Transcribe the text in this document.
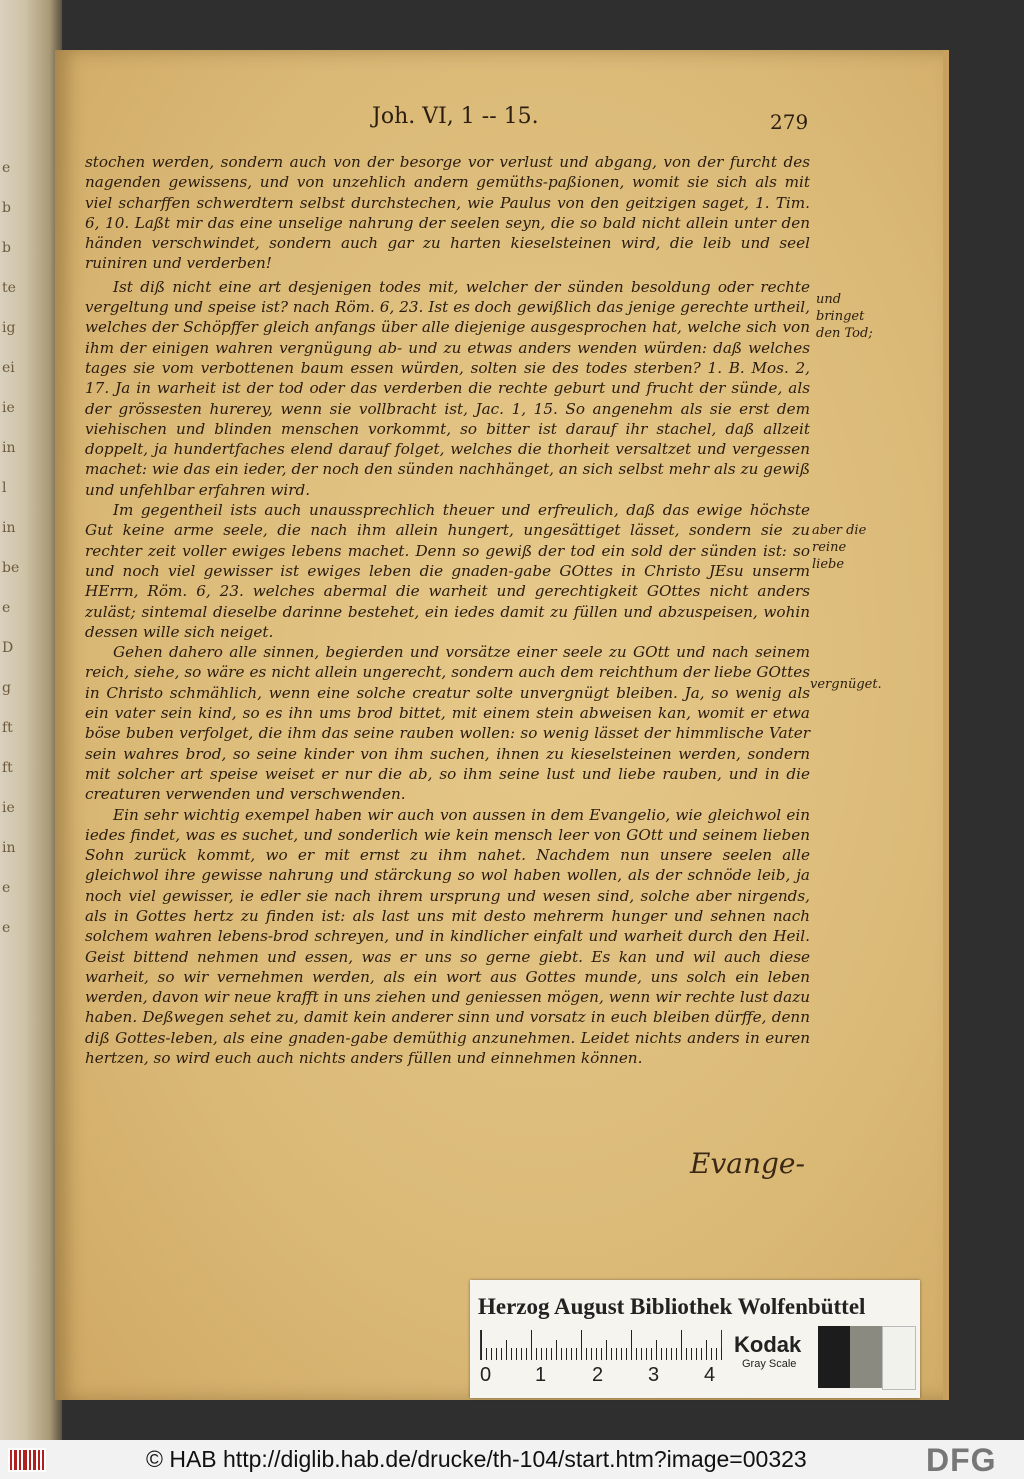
e
b
b
te
ig
ei
ie
in
l
in
be
e
D
g
ft
ft
ie
in
e
e
Joh. VI, 1 -- 15.	279

stochen werden, sondern auch von der besorge vor verlust und abgang, von der furcht des nagenden gewissens, und von unzehlich andern gemüths-paßionen, womit sie sich als mit viel scharffen schwerdtern selbst durchstechen, wie Paulus von den geitzigen saget, 1. Tim. 6, 10. Laßt mir das eine unselige nahrung der seelen seyn, die so bald nicht allein unter den händen verschwindet, sondern auch gar zu harten kieselsteinen wird, die leib und seel ruiniren und verderben!

Ist diß nicht eine art desjenigen todes mit, welcher der sünden besoldung oder rechte vergeltung und speise ist? nach Röm. 6, 23. Ist es doch gewißlich das jenige gerechte urtheil, welches der Schöpffer gleich anfangs über alle diejenige ausgesprochen hat, welche sich von ihm der einigen wahren vergnügung ab- und zu etwas anders wenden würden: daß welches tages sie vom verbottenen baum essen würden, solten sie des todes sterben? 1. B. Mos. 2, 17. Ja in warheit ist der tod oder das verderben die rechte geburt und frucht der sünde, als der grössesten hurerey, wenn sie vollbracht ist, Jac. 1, 15. So angenehm als sie erst dem viehischen und blinden menschen vorkommt, so bitter ist darauf ihr stachel, daß allzeit doppelt, ja hundertfaches elend darauf folget, welches die thorheit versaltzet und vergessen machet: wie das ein ieder, der noch den sünden nachhänget, an sich selbst mehr als zu gewiß und unfehlbar erfahren wird.

Im gegentheil ists auch unaussprechlich theuer und erfreulich, daß das ewige höchste Gut keine arme seele, die nach ihm allein hungert, ungesättiget lässet, sondern sie zu rechter zeit voller ewiges lebens machet. Denn so gewiß der tod ein sold der sünden ist: so und noch viel gewisser ist ewiges leben die gnaden-gabe GOttes in Christo JEsu unserm HErrn, Röm. 6, 23. welches abermal die warheit und gerechtigkeit GOttes nicht anders zuläst; sintemal dieselbe darinne bestehet, ein iedes damit zu füllen und abzuspeisen, wohin dessen wille sich neiget.

Gehen dahero alle sinnen, begierden und vorsätze einer seele zu GOtt und nach seinem reich, siehe, so wäre es nicht allein ungerecht, sondern auch dem reichthum der liebe GOttes in Christo schmählich, wenn eine solche creatur solte unvergnügt bleiben. Ja, so wenig als ein vater sein kind, so es ihn ums brod bittet, mit einem stein abweisen kan, womit er etwa böse buben verfolget, die ihm das seine rauben wollen: so wenig lässet der himmlische Vater sein wahres brod, so seine kinder von ihm suchen, ihnen zu kieselsteinen werden, sondern mit solcher art speise weiset er nur die ab, so ihm seine lust und liebe rauben, und in die creaturen verwenden und verschwenden.

Ein sehr wichtig exempel haben wir auch von aussen in dem Evangelio, wie gleichwol ein iedes findet, was es suchet, und sonderlich wie kein mensch leer von GOtt und seinem lieben Sohn zurück kommt, wo er mit ernst zu ihm nahet. Nachdem nun unsere seelen alle gleichwol ihre gewisse nahrung und stärckung so wol haben wollen, als der schnöde leib, ja noch viel gewisser, ie edler sie nach ihrem ursprung und wesen sind, solche aber nirgends, als in Gottes hertz zu finden ist: als last uns mit desto mehrerm hunger und sehnen nach solchem wahren lebens-brod schreyen, und in kindlicher einfalt und warheit durch den Heil. Geist bittend nehmen und essen, was er uns so gerne giebt. Es kan und wil auch diese warheit, so wir vernehmen werden, als ein wort aus Gottes munde, uns solch ein leben werden, davon wir neue krafft in uns ziehen und geniessen mögen, wenn wir rechte lust dazu haben. Deßwegen sehet zu, damit kein anderer sinn und vorsatz in euch bleiben dürffe, denn diß Gottes-leben, als eine gnaden-gabe demüthig anzunehmen. Leidet nichts anders in euren hertzen, so wird euch auch nichts anders füllen und einnehmen können.

und bringet den Tod;
aber die reine liebe
vergnüget.
Evange-
Herzog August Bibliothek Wolfenbüttel
0 1 2 3 4
Kodak
Gray Scale
© HAB http://diglib.hab.de/drucke/th-104/start.htm?image=00323	DFG
